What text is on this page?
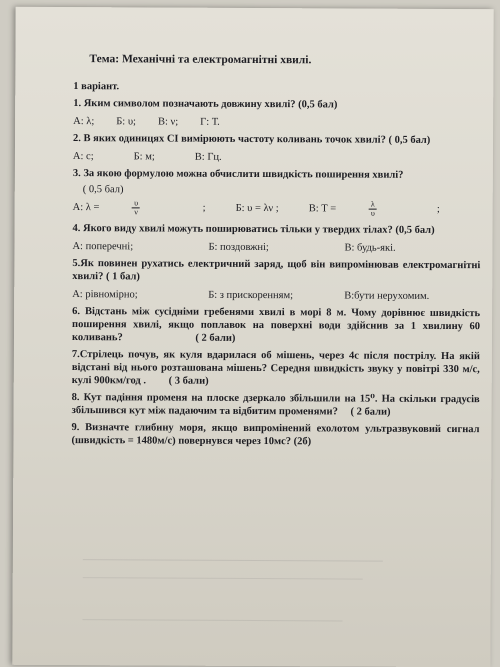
Тема: Механічні та електромагнітні хвилі.
1 варіант.
1. Яким символом позначають довжину хвилі? (0,5 бал)
А: λ; Б: υ; В: ν; Г: Т.
2. В яких одиницях СІ вимірюють частоту коливань точок хвилі? ( 0,5 бал)
А: с;	Б: м;	В: Гц.
3. За якою формулою можна обчислити швидкість поширення хвилі?
( 0,5 бал)
А: λ =	$\frac{\upsilon}{\nu}$	;	Б: υ = λν ;	В: Т =	$\frac{\lambda}{\upsilon}$	;
4. Якого виду хвилі можуть поширюватись тільки у твердих тілах? (0,5 бал)
А: поперечні;	Б: поздовжні;	В: будь-які.
5.Як повинен рухатись електричний заряд, щоб він випромінював електромагнітні хвилі? ( 1 бал)
А: рівномірно;	Б: з прискоренням;	В:бути нерухомим.
6. Відстань між сусідніми гребенями хвилі в морі 8 м. Чому дорівнює швидкість поширення хвилі, якщо поплавок на поверхні води здійснив за 1 хвилину 60 коливань?	( 2 бали)
7.Стрілець почув, як куля вдарилася об мішень, через 4с після пострілу. На якій відстані від нього розташована мішень? Середня швидкість звуку у повітрі 330 м/с, кулі 900км/год . ( 3 бали)
8. Кут падіння променя на плоске дзеркало збільшили на 15⁰. На скільки градусів збільшився кут між падаючим та відбитим променями? ( 2 бали)
9. Визначте глибину моря, якщо випромінений ехолотом ультразвуковий сигнал (швидкість = 1480м/с) повернувся через 10мс? (2б)
